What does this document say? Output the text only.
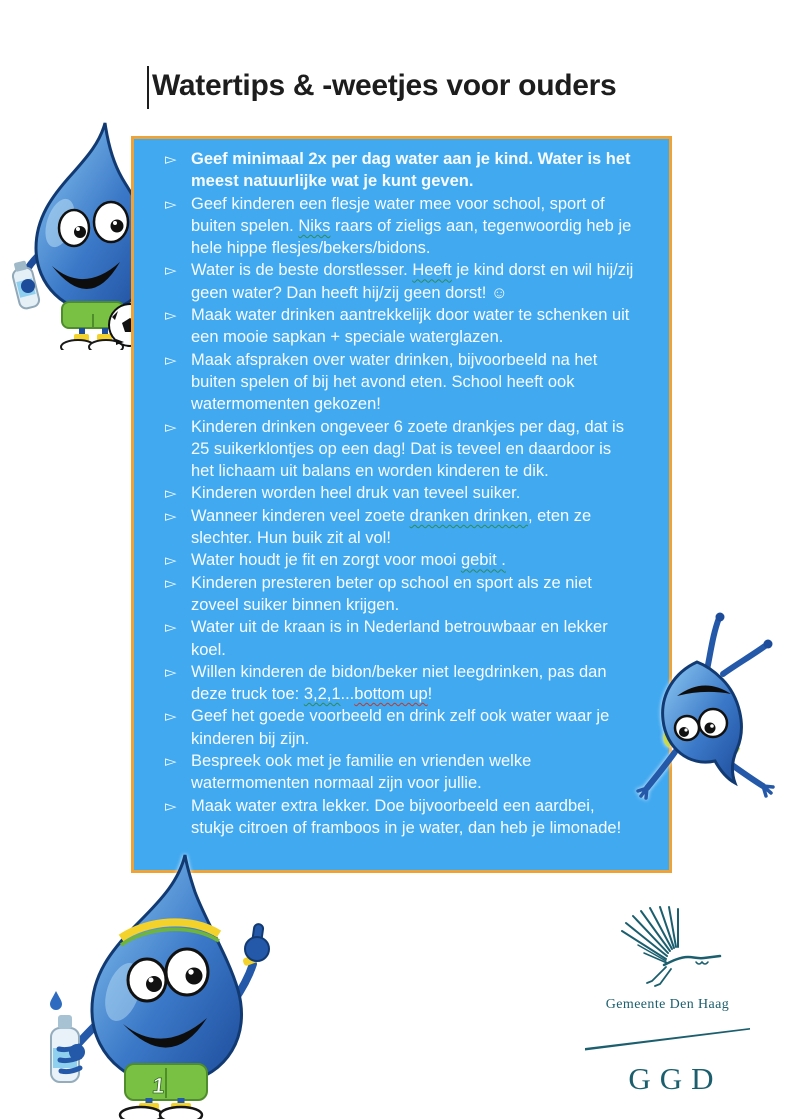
Watertips & -weetjes voor ouders
▻ Geef minimaal 2x per dag water aan je kind. Water is het meest natuurlijke wat je kunt geven.
▻ Geef kinderen een flesje water mee voor school, sport of buiten spelen. Niks raars of zieligs aan, tegenwoordig heb je hele hippe flesjes/bekers/bidons.
▻ Water is de beste dorstlesser. Heeft je kind dorst en wil hij/zij geen water? Dan heeft hij/zij geen dorst! ☺
▻ Maak water drinken aantrekkelijk door water te schenken uit een mooie sapkan + speciale waterglazen.
▻ Maak afspraken over water drinken, bijvoorbeeld na het buiten spelen of bij het avond eten. School heeft ook watermomenten gekozen!
▻ Kinderen drinken ongeveer 6 zoete drankjes per dag, dat is 25 suikerklontjes op een dag! Dat is teveel en daardoor is het lichaam uit balans en worden kinderen te dik.
▻ Kinderen worden heel druk van teveel suiker.
▻ Wanneer kinderen veel zoete dranken drinken, eten ze slechter. Hun buik zit al vol!
▻ Water houdt je fit en zorgt voor mooi gebit .
▻ Kinderen presteren beter op school en sport als ze niet zoveel suiker binnen krijgen.
▻ Water uit de kraan is in Nederland betrouwbaar en lekker koel.
▻ Willen kinderen de bidon/beker niet leegdrinken, pas dan deze truck toe: 3,2,1...bottom up!
▻ Geef het goede voorbeeld en drink zelf ook water waar je kinderen bij zijn.
▻ Bespreek ook met je familie en vrienden welke watermomenten normaal zijn voor jullie.
▻ Maak water extra lekker. Doe bijvoorbeeld een aardbei, stukje citroen of framboos in je water, dan heb je limonade!
1
Gemeente Den Haag
GGD
